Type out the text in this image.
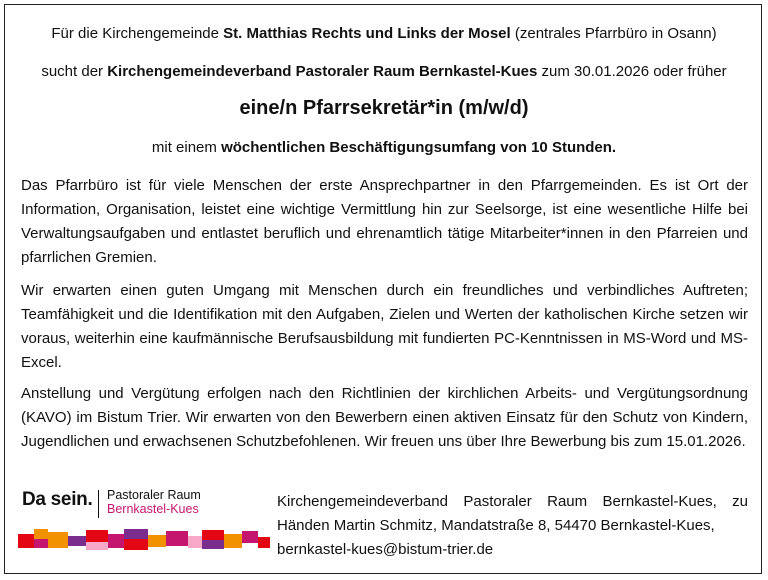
Für die Kirchengemeinde St. Matthias Rechts und Links der Mosel (zentrales Pfarrbüro in Osann)
sucht der Kirchengemeindeverband Pastoraler Raum Bernkastel-Kues zum 30.01.2026 oder früher
eine/n Pfarrsekretär*in (m/w/d)
mit einem wöchentlichen Beschäftigungsumfang von 10 Stunden.

Das Pfarrbüro ist für viele Menschen der erste Ansprechpartner in den Pfarrgemeinden. Es ist Ort der Information, Organisation, leistet eine wichtige Vermittlung hin zur Seelsorge, ist eine wesentliche Hilfe bei Verwaltungsaufgaben und entlastet beruflich und ehrenamtlich tätige Mitarbeiter*innen in den Pfarreien und pfarrlichen Gremien.

Wir erwarten einen guten Umgang mit Menschen durch ein freundliches und verbindliches Auftreten; Teamfähigkeit und die Identifikation mit den Aufgaben, Zielen und Werten der katholischen Kirche setzen wir voraus, weiterhin eine kaufmännische Berufsausbildung mit fundierten PC-Kenntnissen in MS-Word und MS-Excel.

Anstellung und Vergütung erfolgen nach den Richtlinien der kirchlichen Arbeits- und Vergütungsordnung (KAVO) im Bistum Trier. Wir erwarten von den Bewerbern einen aktiven Einsatz für den Schutz von Kindern, Jugendlichen und erwachsenen Schutzbefohlenen. Wir freuen uns über Ihre Bewerbung bis zum 15.01.2026.

Da sein. Pastoraler Raum
Bernkastel-Kues	Kirchengemeindeverband Pastoraler Raum Bernkastel-Kues, zu Händen Martin Schmitz, Mandatstraße 8, 54470 Bernkastel-Kues,
bernkastel-kues@bistum-trier.de
